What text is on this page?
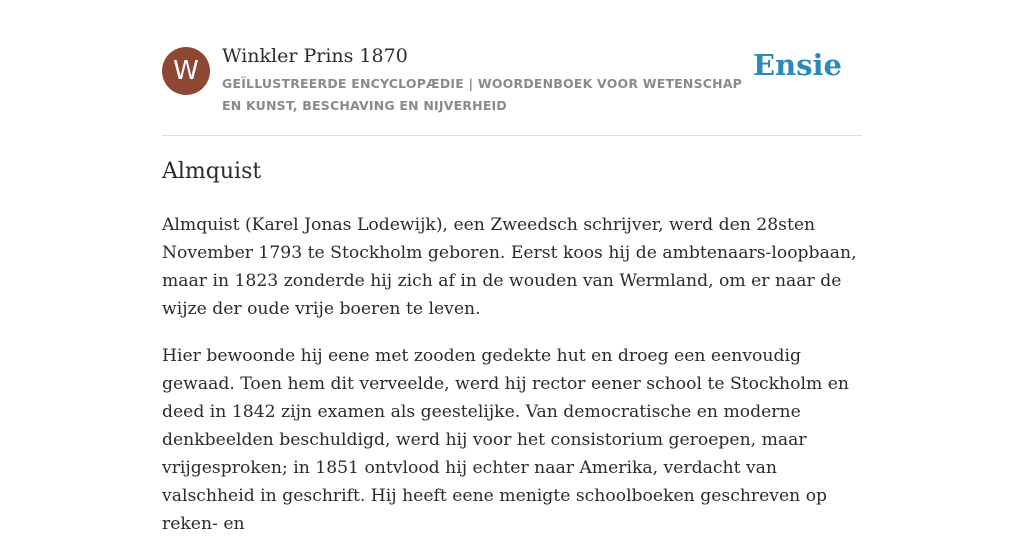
W	Winkler Prins 1870
GEÏLLUSTREERDE ENCYCLOPÆDIE | WOORDENBOEK VOOR WETENSCHAP EN KUNST, BESCHAVING EN NIJVERHEID
Ensie
Almquist

Almquist (Karel Jonas Lodewijk), een Zweedsch schrijver, werd den 28sten November 1793 te Stockholm geboren. Eerst koos hij de ambtenaars-loopbaan, maar in 1823 zonderde hij zich af in de wouden van Wermland, om er naar de wijze der oude vrije boeren te leven.

Hier bewoonde hij eene met zooden gedekte hut en droeg een eenvoudig gewaad. Toen hem dit verveelde, werd hij rector eener school te Stockholm en deed in 1842 zijn examen als geestelijke. Van democratische en moderne denkbeelden beschuldigd, werd hij voor het consistorium geroepen, maar vrijgesproken; in 1851 ontvlood hij echter naar Amerika, verdacht van valschheid in geschrift. Hij heeft eene menigte schoolboeken geschreven op reken- en
